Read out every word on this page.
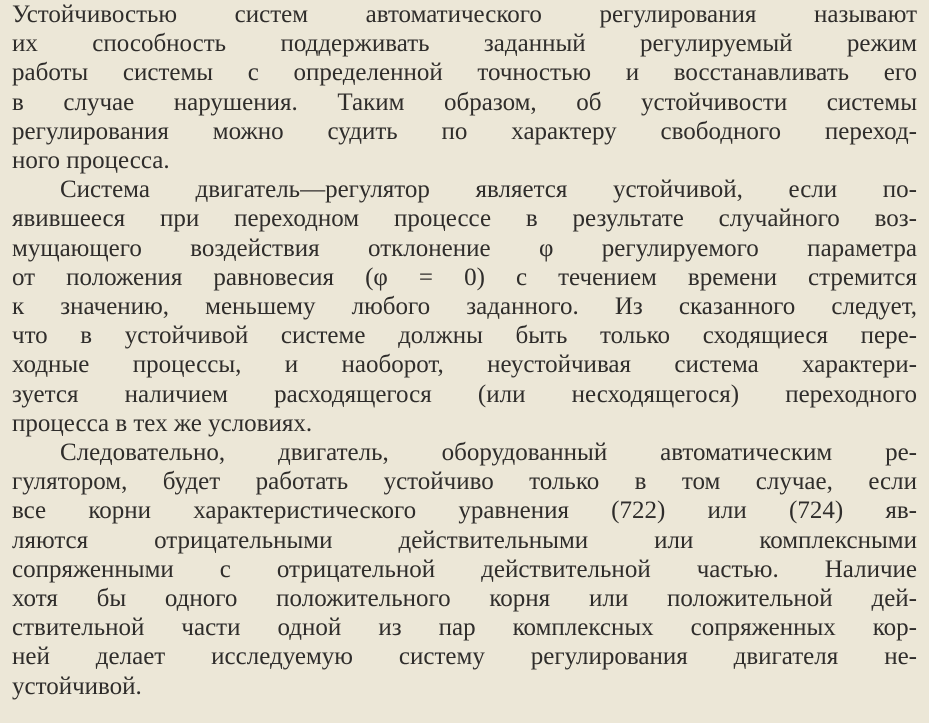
Устойчивостью систем автоматического регулирования называют
их способность поддерживать заданный регулируемый режим
работы системы с определенной точностью и восстанавливать его
в случае нарушения. Таким образом, об устойчивости системы
регулирования можно судить по характеру свободного переход-
ного процесса.
Система двигатель—регулятор является устойчивой, если по-
явившееся при переходном процессе в результате случайного воз-
мущающего воздействия отклонение φ регулируемого параметра
от положения равновесия (φ = 0) с течением времени стремится
к значению, меньшему любого заданного. Из сказанного следует,
что в устойчивой системе должны быть только сходящиеся пере-
ходные процессы, и наоборот, неустойчивая система характери-
зуется наличием расходящегося (или несходящегося) переходного
процесса в тех же условиях.
Следовательно, двигатель, оборудованный автоматическим ре-
гулятором, будет работать устойчиво только в том случае, если
все корни характеристического уравнения (722) или (724) яв-
ляются отрицательными действительными или комплексными
сопряженными с отрицательной действительной частью. Наличие
хотя бы одного положительного корня или положительной дей-
ствительной части одной из пар комплексных сопряженных кор-
ней делает исследуемую систему регулирования двигателя не-
устойчивой.
